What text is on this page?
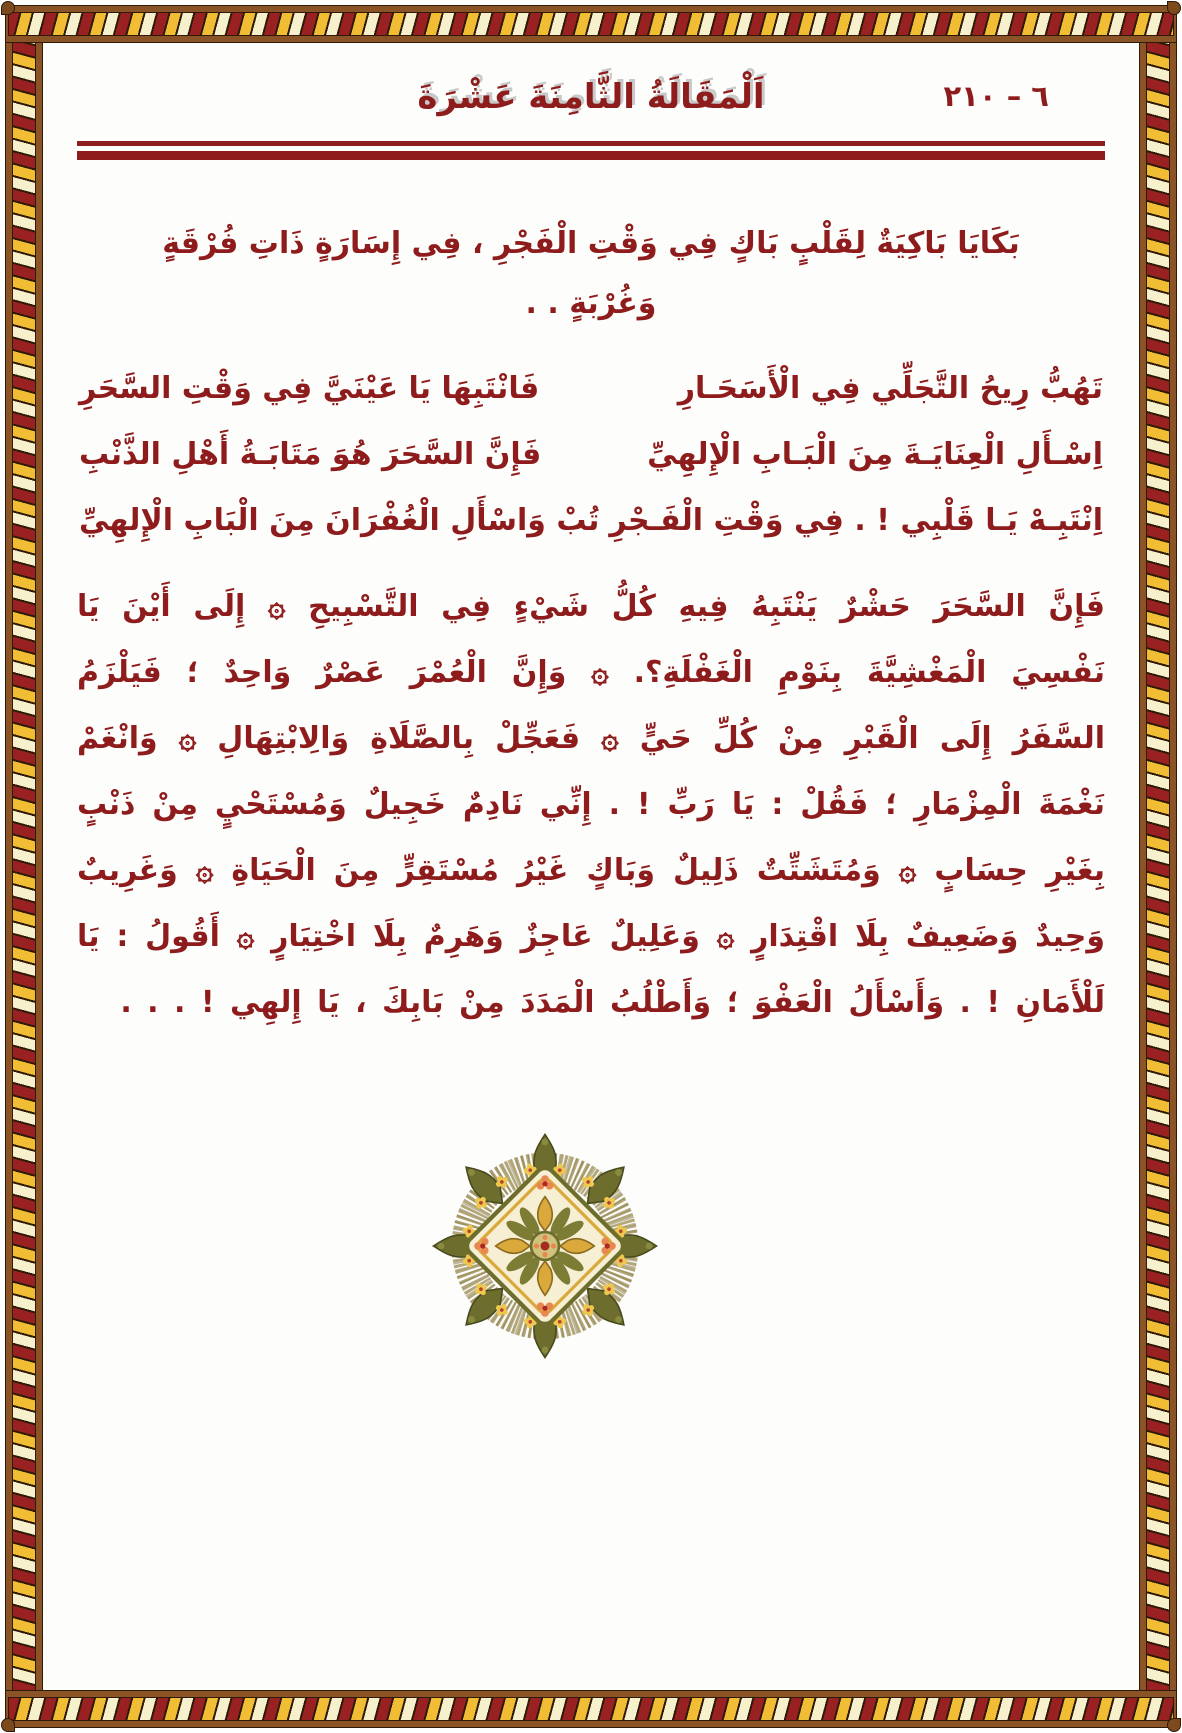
اَلْمَقَالَةُ الثَّامِنَةَ عَشْرَةَ	٦ – ٢١٠
بَكَايَا بَاكِيَةٌ لِقَلْبٍ بَاكٍ فِي وَقْتِ الْفَجْرِ ، فِي إِسَارَةٍ ذَاتِ فُرْقَةٍ وَغُرْبَةٍ . .
تَهُبُّ رِيحُ التَّجَلِّي فِي الْأَسَحَـارِ
فَانْتَبِهَا يَا عَيْنَيَّ فِي وَقْتِ السَّحَرِ
اِسْـأَلِ الْعِنَايَـةَ مِنَ الْبَـابِ الْإِلهِيِّ
فَإِنَّ السَّحَرَ هُوَ مَتَابَـةُ أَهْلِ الذَّنْبِ
اِنْتَبِـهْ يَـا قَلْبِي ! . فِي وَقْتِ الْفَـجْرِ
تُبْ وَاسْأَلِ الْغُفْرَانَ مِنَ الْبَابِ الْإِلهِيِّ
فَإِنَّ السَّحَرَ حَشْرٌ يَنْتَبِهُ فِيهِ كُلُّ شَيْءٍ فِي التَّسْبِيحِ ۞ إِلَى أَيْنَ يَا نَفْسِيَ الْمَغْشِيَّةَ بِنَوْمِ الْغَفْلَةِ؟. ۞ وَإِنَّ الْعُمْرَ عَصْرٌ وَاحِدٌ ؛ فَيَلْزَمُ السَّفَرُ إِلَى الْقَبْرِ مِنْ كُلِّ حَيٍّ ۞ فَعَجِّلْ بِالصَّلَاةِ وَالِابْتِهَالِ ۞ وَانْغَمْ نَغْمَةَ الْمِزْمَارِ ؛ فَقُلْ : يَا رَبِّ ! . إِنِّي نَادِمٌ خَجِيلٌ وَمُسْتَحْيٍ مِنْ ذَنْبٍ بِغَيْرِ حِسَابٍ ۞ وَمُتَشَتِّتٌ ذَلِيلٌ وَبَاكٍ غَيْرُ مُسْتَقِرٍّ مِنَ الْحَيَاةِ ۞ وَغَرِيبٌ وَحِيدٌ وَضَعِيفٌ بِلَا اقْتِدَارٍ ۞ وَعَلِيلٌ عَاجِزٌ وَهَرِمٌ بِلَا اخْتِيَارٍ ۞ أَقُولُ : يَا لَلْأَمَانِ ! . وَأَسْأَلُ الْعَفْوَ ؛ وَأَطْلُبُ الْمَدَدَ مِنْ بَابِكَ ، يَا إِلهِي ! . . .
